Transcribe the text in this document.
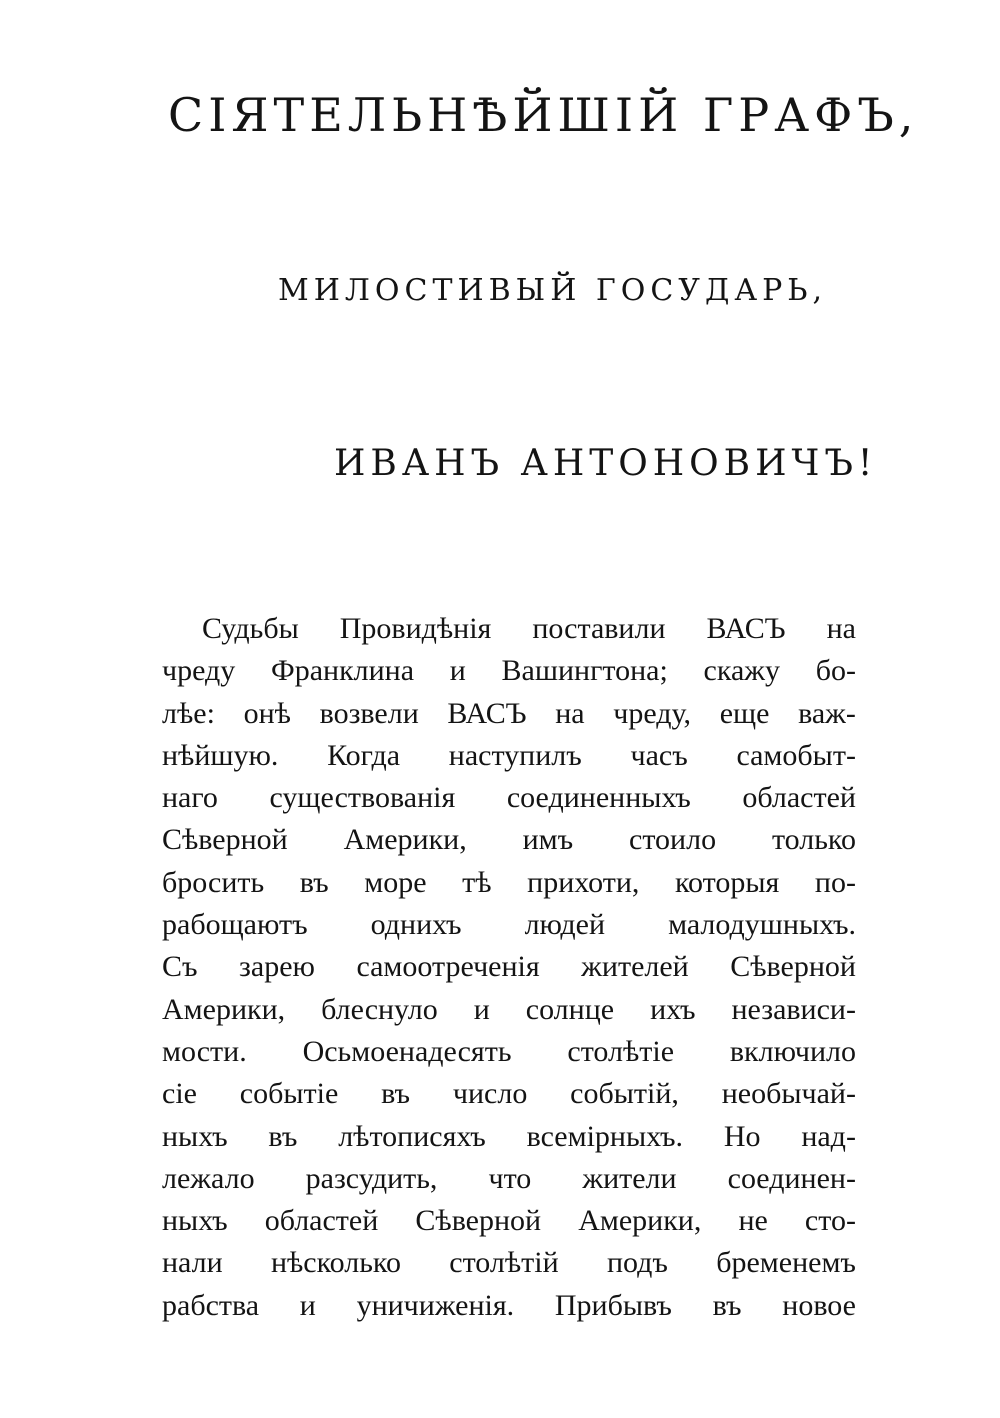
СІЯТЕЛЬНѢЙШІЙ ГРАФЪ,
МИЛОСТИВЫЙ ГОСУДАРЬ,
ИВАНЪ АНТОНОВИЧЪ!
Судьбы Провидѣнія поставили ВАСЪ на
чреду Франклина и Вашингтона; скажу бо-
лѣе: онѣ возвели ВАСЪ на чреду, еще важ-
нѣйшую. Когда наступилъ часъ самобыт-
наго существованія соединенныхъ областей
Сѣверной Америки, имъ стоило только
бросить въ море тѣ прихоти, которыя по-
рабощаютъ однихъ людей малодушныхъ.
Съ зарею самоотреченія жителей Сѣверной
Америки, блеснуло и солнце ихъ независи-
мости. Осьмоенадесять столѣтіе включило
сіе событіе въ число событій, необычай-
ныхъ въ лѣтописяхъ всемірныхъ. Но над-
лежало разсудить, что жители соединен-
ныхъ областей Сѣверной Америки, не сто-
нали нѣсколько столѣтій подъ бременемъ
рабства и уничиженія. Прибывъ въ новое
